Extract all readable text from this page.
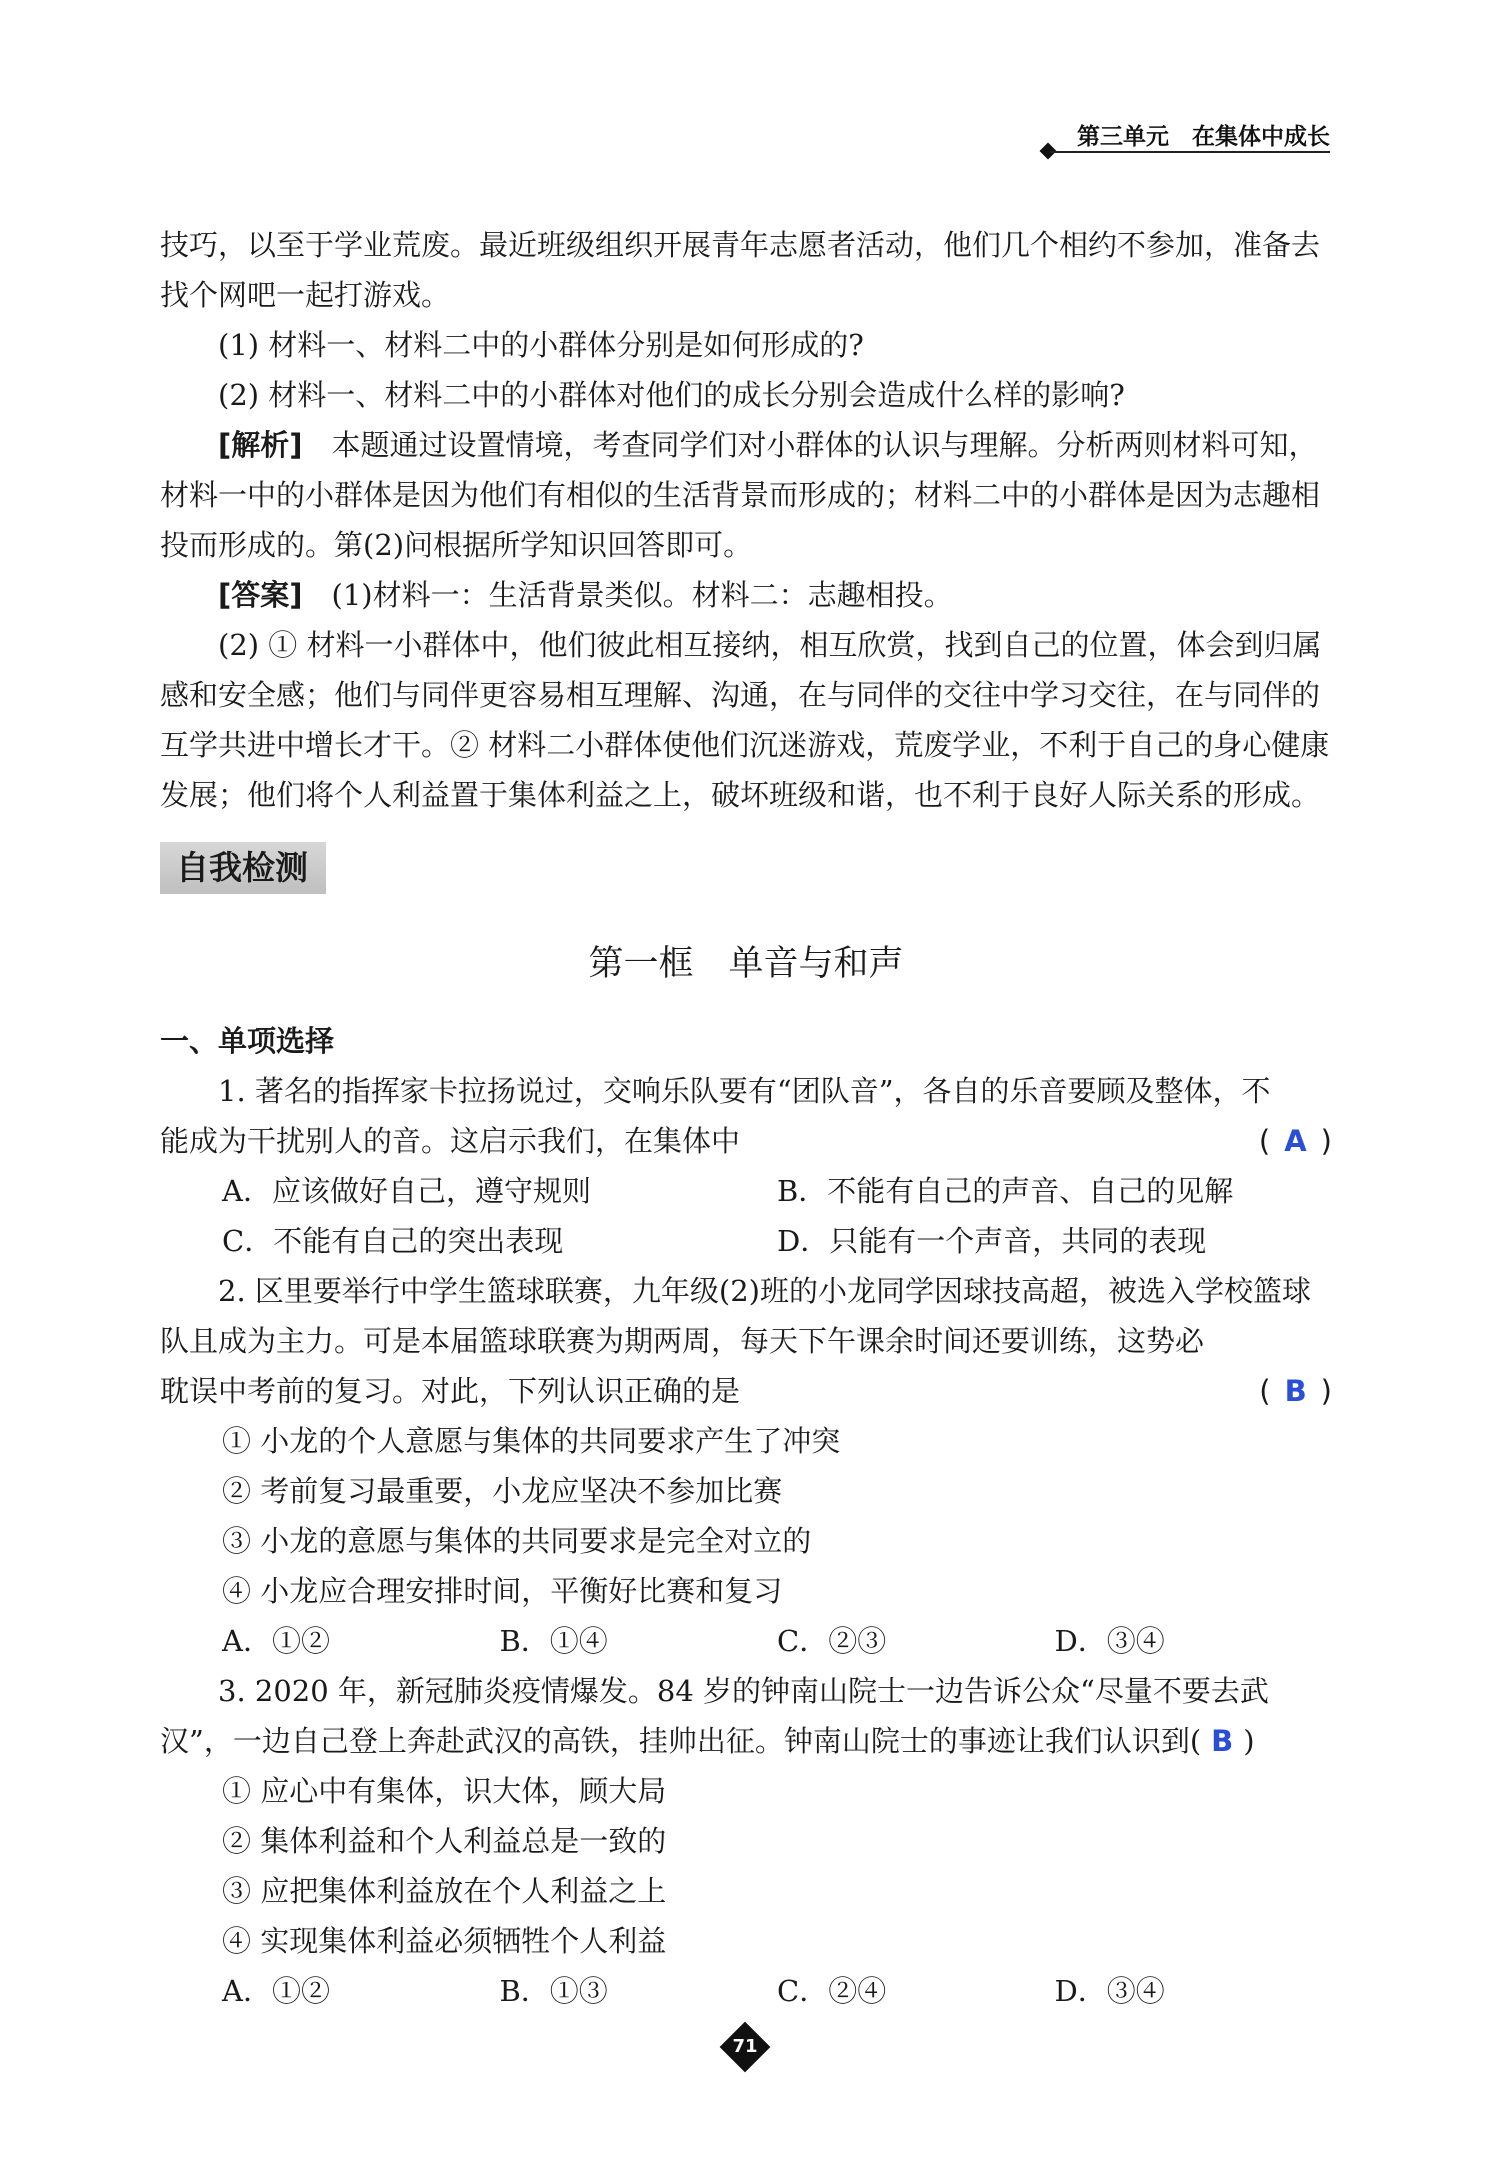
第三单元　在集体中成长

技巧，以至于学业荒废。最近班级组织开展青年志愿者活动，他们几个相约不参加，准备去找个网吧一起打游戏。

(1) 材料一、材料二中的小群体分别是如何形成的?

(2) 材料一、材料二中的小群体对他们的成长分别会造成什么样的影响?

[解析]　 本题通过设置情境，考查同学们对小群体的认识与理解。分析两则材料可知，材料一中的小群体是因为他们有相似的生活背景而形成的；材料二中的小群体是因为志趣相投而形成的。第(2)问根据所学知识回答即可。

[答案]　 (1)材料一：生活背景类似。材料二：志趣相投。

(2) ① 材料一小群体中，他们彼此相互接纳，相互欣赏，找到自己的位置，体会到归属感和安全感；他们与同伴更容易相互理解、沟通，在与同伴的交往中学习交往，在与同伴的互学共进中增长才干。② 材料二小群体使他们沉迷游戏，荒废学业，不利于自己的身心健康发展；他们将个人利益置于集体利益之上，破坏班级和谐，也不利于良好人际关系的形成。

自我检测
第一框　单音与和声

一、单项选择

1. 著名的指挥家卡拉扬说过，交响乐队要有“团队音”，各自的乐音要顾及整体，不

能成为干扰别人的音。这启示我们，在集体中	( A )

A．应该做好自己，遵守规则	B．不能有自己的声音、自己的见解
C．不能有自己的突出表现	D．只能有一个声音，共同的表现

2. 区里要举行中学生篮球联赛，九年级(2)班的小龙同学因球技高超，被选入学校篮球队且成为主力。可是本届篮球联赛为期两周，每天下午课余时间还要训练，这势必

耽误中考前的复习。对此，下列认识正确的是	( B )

① 小龙的个人意愿与集体的共同要求产生了冲突

② 考前复习最重要，小龙应坚决不参加比赛

③ 小龙的意愿与集体的共同要求是完全对立的

④ 小龙应合理安排时间，平衡好比赛和复习

A．①②	B．①④	C．②③	D．③④

3. 2020 年，新冠肺炎疫情爆发。84 岁的钟南山院士一边告诉公众“尽量不要去武

汉”，一边自己登上奔赴武汉的高铁，挂帅出征。钟南山院士的事迹让我们认识到( B )

① 应心中有集体，识大体，顾大局

② 集体利益和个人利益总是一致的

③ 应把集体利益放在个人利益之上

④ 实现集体利益必须牺牲个人利益

A．①②	B．①③	C．②④	D．③④
71
